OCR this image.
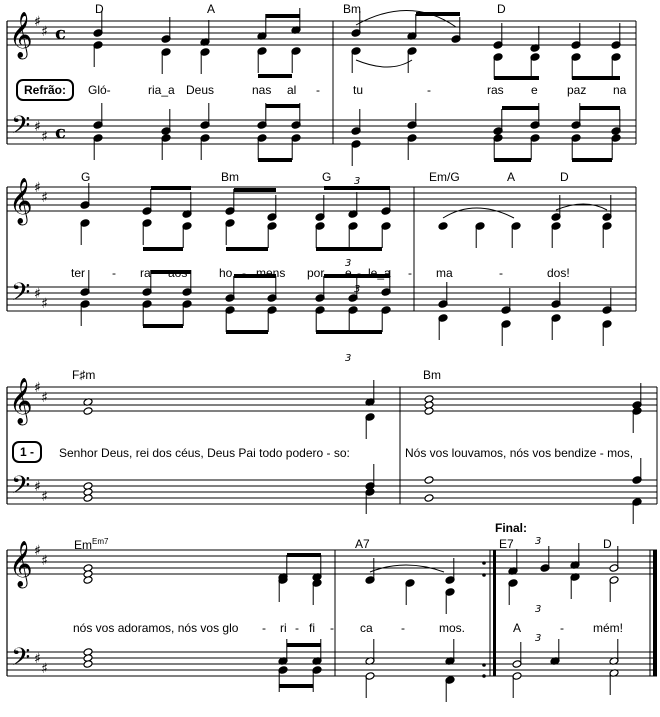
𝄞
𝄢
♯
♯
♯
♯
c
c
𝄞
𝄢
♯
♯
♯
♯
𝄞
𝄢
♯
♯
♯
♯
𝄞
𝄢
♯
♯
♯
♯
3
3
3
3
3
3
3
Refrão:
1 -
Final:
D	A	Bm	D
Gló-	ria_a Deus	nas al -	tu	-	ras e paz na
G	Bm	G	Em/G	A	D
ter - ra aos	ho - mens por e - le_a - ma	-	dos!
F♯m	Bm
Senhor Deus, rei dos céus, Deus Pai todo podero - so:	Nós vos louvamos, nós vos bendize - mos,
$Em^{Em7}$	A7	E7	D
nós vos adoramos, nós vos glo - ri - fi - ca -	mos.	A	- mém!
